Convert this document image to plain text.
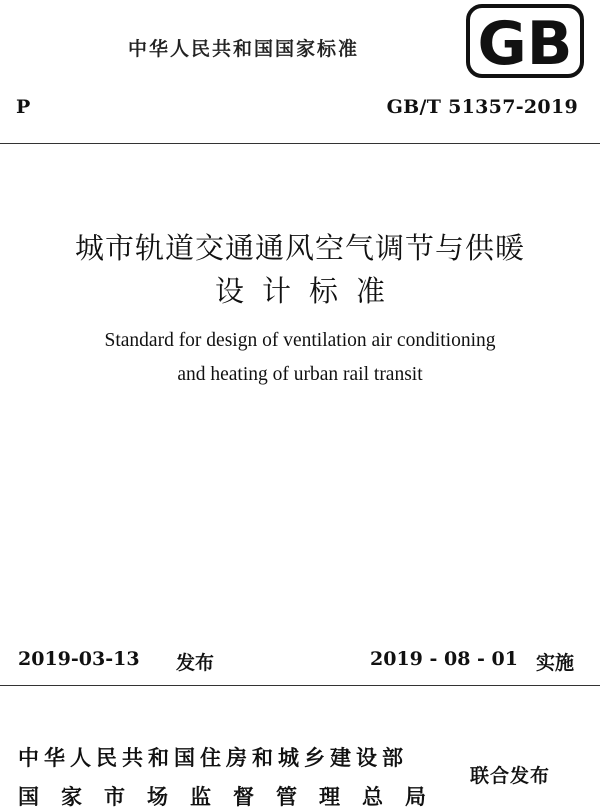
中华人民共和国国家标准 GB
P	GB/T 51357-2019
城市轨道交通通风空气调节与供暖
设计标准
Standard for design of ventilation air conditioning
and heating of urban rail transit
2019-03-13 发布	2019 - 08 - 01 实施
中华人民共和国住房和城乡建设部
国家市场监督管理总局
联合发布
